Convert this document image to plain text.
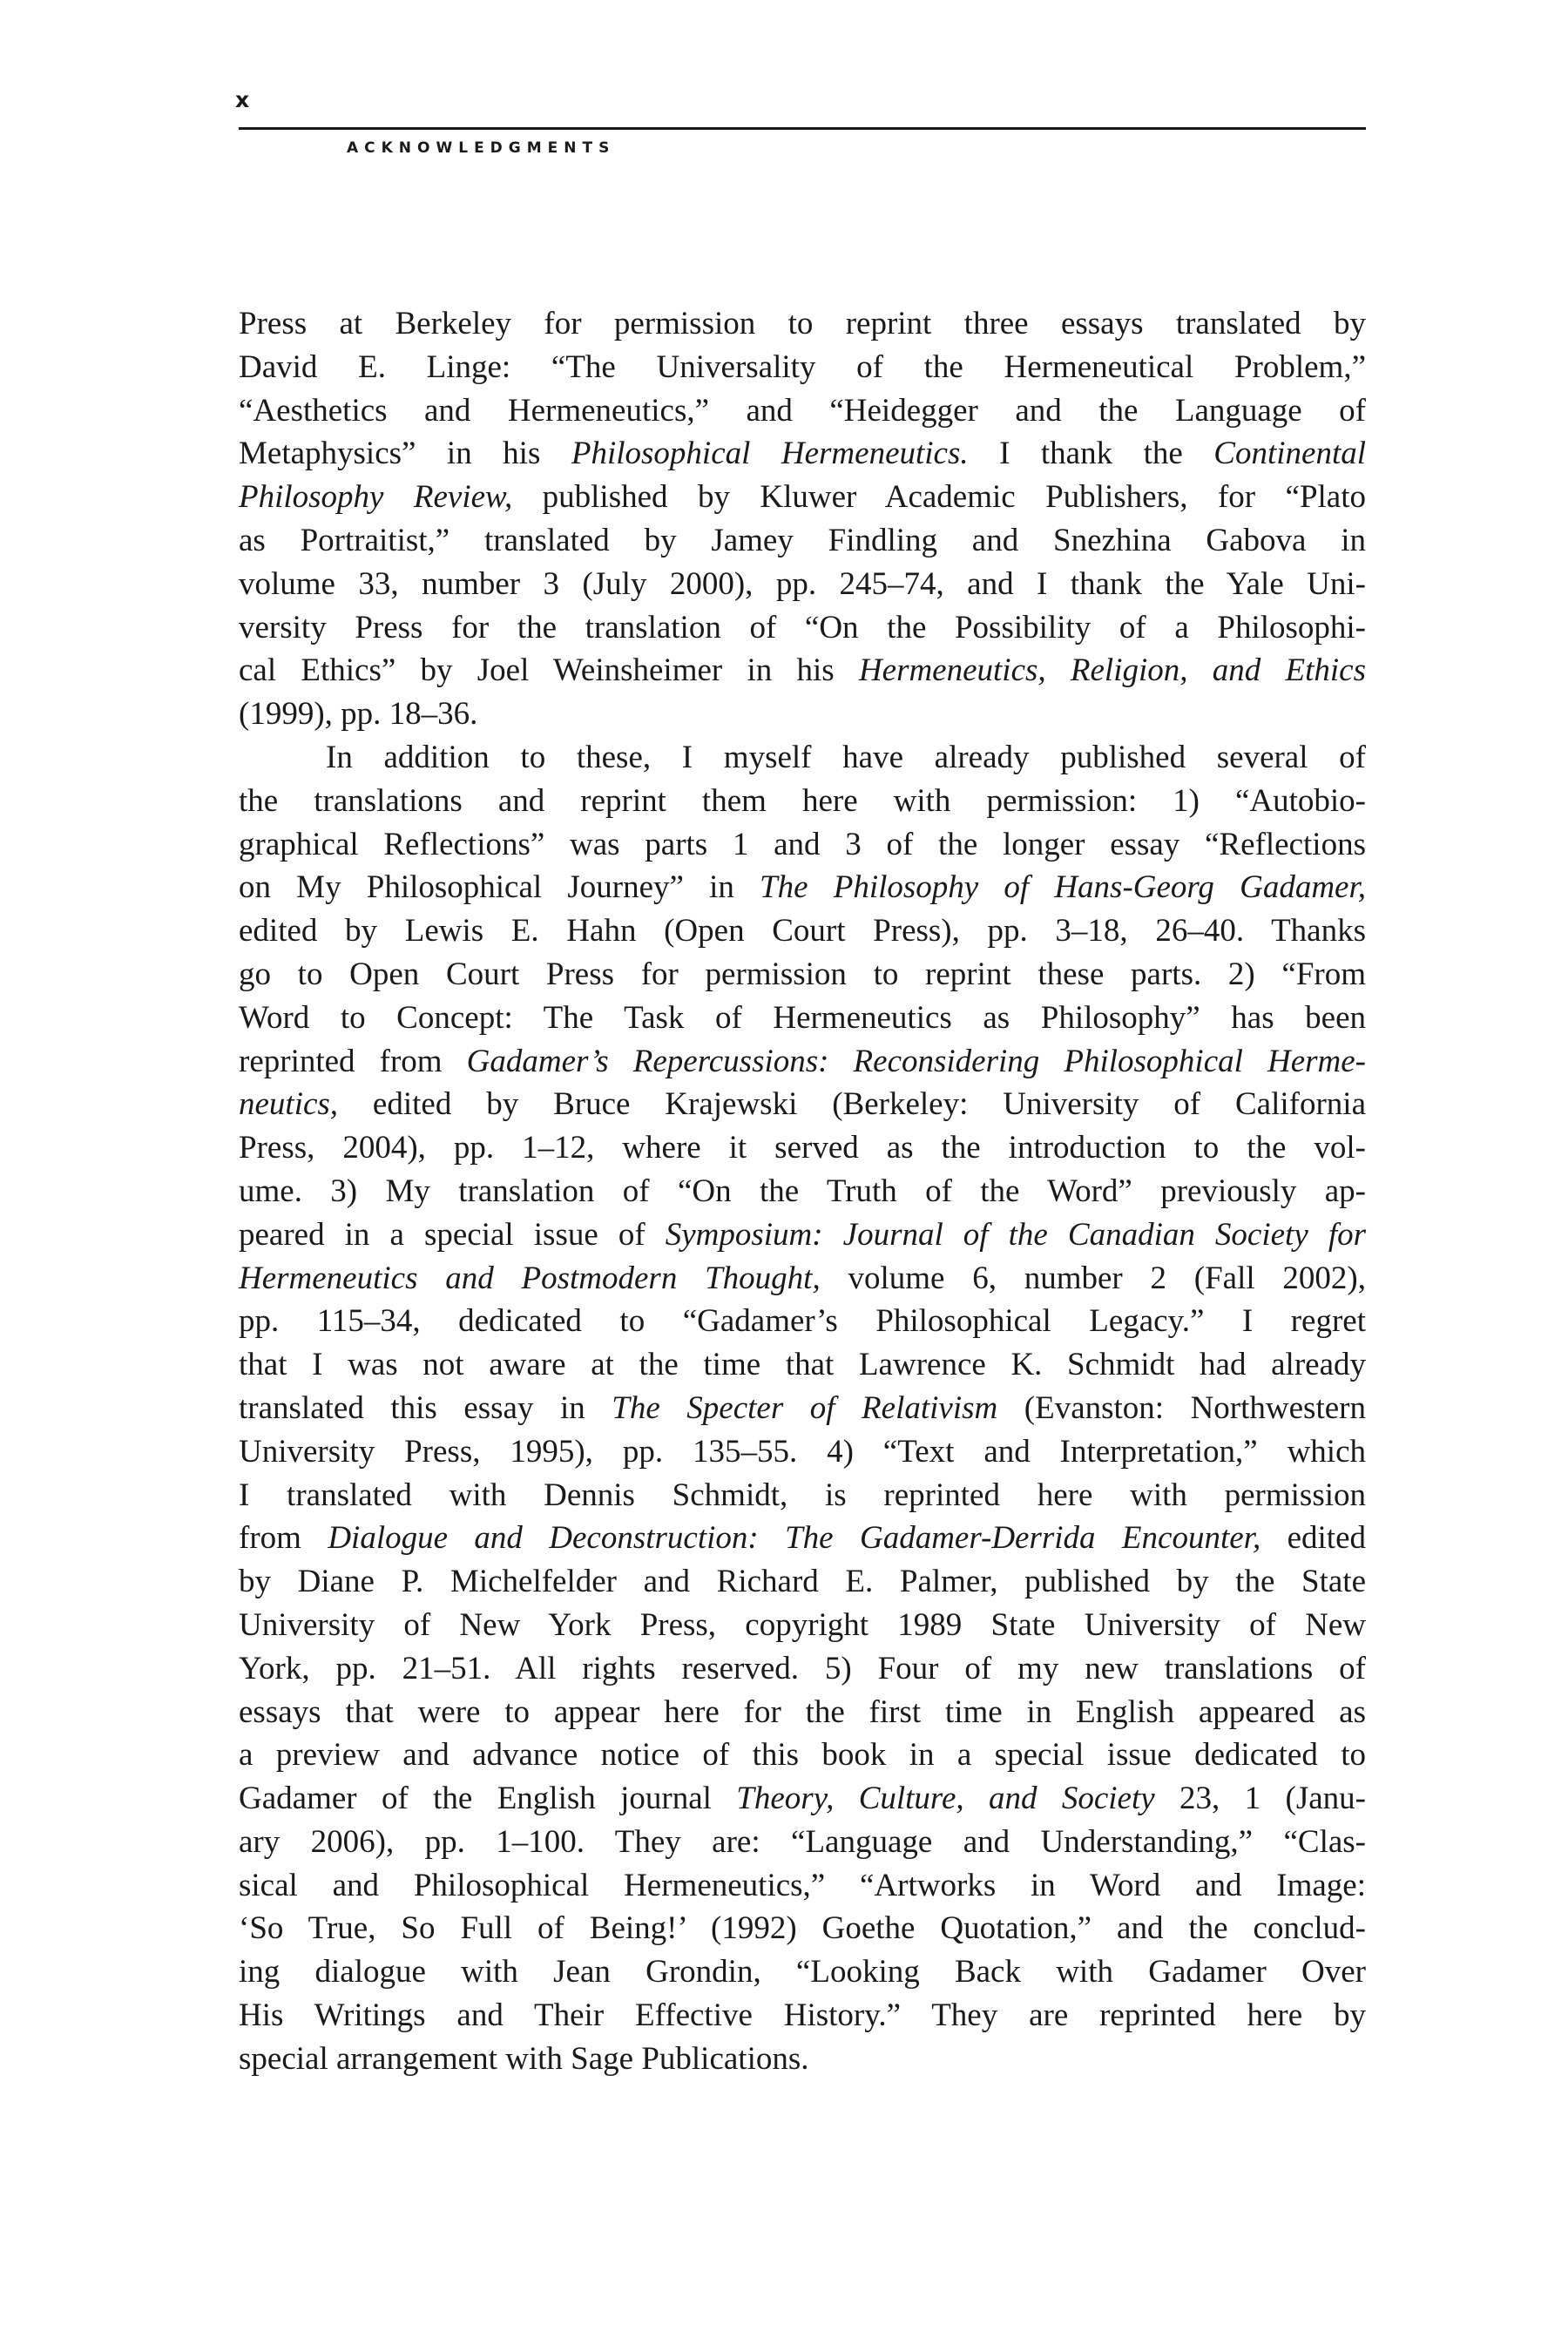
x
ACKNOWLEDGMENTS
Press at Berkeley for permission to reprint three essays translated by
David E. Linge: “The Universality of the Hermeneutical Problem,”
“Aesthetics and Hermeneutics,” and “Heidegger and the Language of
Metaphysics” in his Philosophical Hermeneutics. I thank the Continental
Philosophy Review, published by Kluwer Academic Publishers, for “Plato
as Portraitist,” translated by Jamey Findling and Snezhina Gabova in
volume 33, number 3 (July 2000), pp. 245–74, and I thank the Yale Uni-
versity Press for the translation of “On the Possibility of a Philosophi-
cal Ethics” by Joel Weinsheimer in his Hermeneutics, Religion, and Ethics
(1999), pp. 18–36.
In addition to these, I myself have already published several of
the translations and reprint them here with permission: 1) “Autobio-
graphical Reflections” was parts 1 and 3 of the longer essay “Reflections
on My Philosophical Journey” in The Philosophy of Hans-Georg Gadamer,
edited by Lewis E. Hahn (Open Court Press), pp. 3–18, 26–40. Thanks
go to Open Court Press for permission to reprint these parts. 2) “From
Word to Concept: The Task of Hermeneutics as Philosophy” has been
reprinted from Gadamer’s Repercussions: Reconsidering Philosophical Herme-
neutics, edited by Bruce Krajewski (Berkeley: University of California
Press, 2004), pp. 1–12, where it served as the introduction to the vol-
ume. 3) My translation of “On the Truth of the Word” previously ap-
peared in a special issue of Symposium: Journal of the Canadian Society for
Hermeneutics and Postmodern Thought, volume 6, number 2 (Fall 2002),
pp. 115–34, dedicated to “Gadamer’s Philosophical Legacy.” I regret
that I was not aware at the time that Lawrence K. Schmidt had already
translated this essay in The Specter of Relativism (Evanston: Northwestern
University Press, 1995), pp. 135–55. 4) “Text and Interpretation,” which
I translated with Dennis Schmidt, is reprinted here with permission
from Dialogue and Deconstruction: The Gadamer-Derrida Encounter, edited
by Diane P. Michelfelder and Richard E. Palmer, published by the State
University of New York Press, copyright 1989 State University of New
York, pp. 21–51. All rights reserved. 5) Four of my new translations of
essays that were to appear here for the first time in English appeared as
a preview and advance notice of this book in a special issue dedicated to
Gadamer of the English journal Theory, Culture, and Society 23, 1 (Janu-
ary 2006), pp. 1–100. They are: “Language and Understanding,” “Clas-
sical and Philosophical Hermeneutics,” “Artworks in Word and Image:
‘So True, So Full of Being!’ (1992) Goethe Quotation,” and the conclud-
ing dialogue with Jean Grondin, “Looking Back with Gadamer Over
His Writings and Their Effective History.” They are reprinted here by
special arrangement with Sage Publications.
